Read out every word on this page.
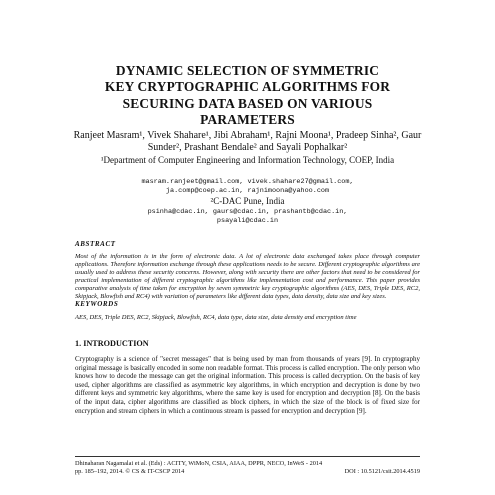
DYNAMIC SELECTION OF SYMMETRIC
KEY CRYPTOGRAPHIC ALGORITHMS FOR
SECURING DATA BASED ON VARIOUS
PARAMETERS
Ranjeet Masram¹, Vivek Shahare¹, Jibi Abraham¹, Rajni Moona¹, Pradeep Sinha², Gaur Sunder², Prashant Bendale² and Sayali Pophalkar²
¹Department of Computer Engineering and Information Technology, COEP, India
masram.ranjeet@gmail.com, vivek.shahare27@gmail.com,
ja.comp@coep.ac.in, rajnimoona@yahoo.com
²C-DAC Pune, India
psinha@cdac.in, gaurs@cdac.in, prashantb@cdac.in,
psayali@cdac.in
ABSTRACT
Most of the information is in the form of electronic data. A lot of electronic data exchanged takes place through computer applications. Therefore information exchange through these applications needs to be secure. Different cryptographic algorithms are usually used to address these security concerns. However, along with security there are other factors that need to be considered for practical implementation of different cryptographic algorithms like implementation cost and performance. This paper provides comparative analysis of time taken for encryption by seven symmetric key cryptographic algorithms (AES, DES, Triple DES, RC2, Skipjack, Blowfish and RC4) with variation of parameters like different data types, data density, data size and key sizes.
KEYWORDS
AES, DES, Triple DES, RC2, Skipjack, Blowfish, RC4, data type, data size, data density and encryption time
1. INTRODUCTION
Cryptography is a science of "secret messages" that is being used by man from thousands of years [9]. In cryptography original message is basically encoded in some non readable format. This process is called encryption. The only person who knows how to decode the message can get the original information. This process is called decryption. On the basis of key used, cipher algorithms are classified as asymmetric key algorithms, in which encryption and decryption is done by two different keys and symmetric key algorithms, where the same key is used for encryption and decryption [8]. On the basis of the input data, cipher algorithms are classified as block ciphers, in which the size of the block is of fixed size for encryption and stream ciphers in which a continuous stream is passed for encryption and decryption [9].
Dhinaharan Nagamalai et al. (Eds) : ACITY, WiMoN, CSIA, AIAA, DPPR, NECO, InWeS - 2014
pp. 185–192, 2014. © CS & IT-CSCP 2014	DOI : 10.5121/csit.2014.4519
